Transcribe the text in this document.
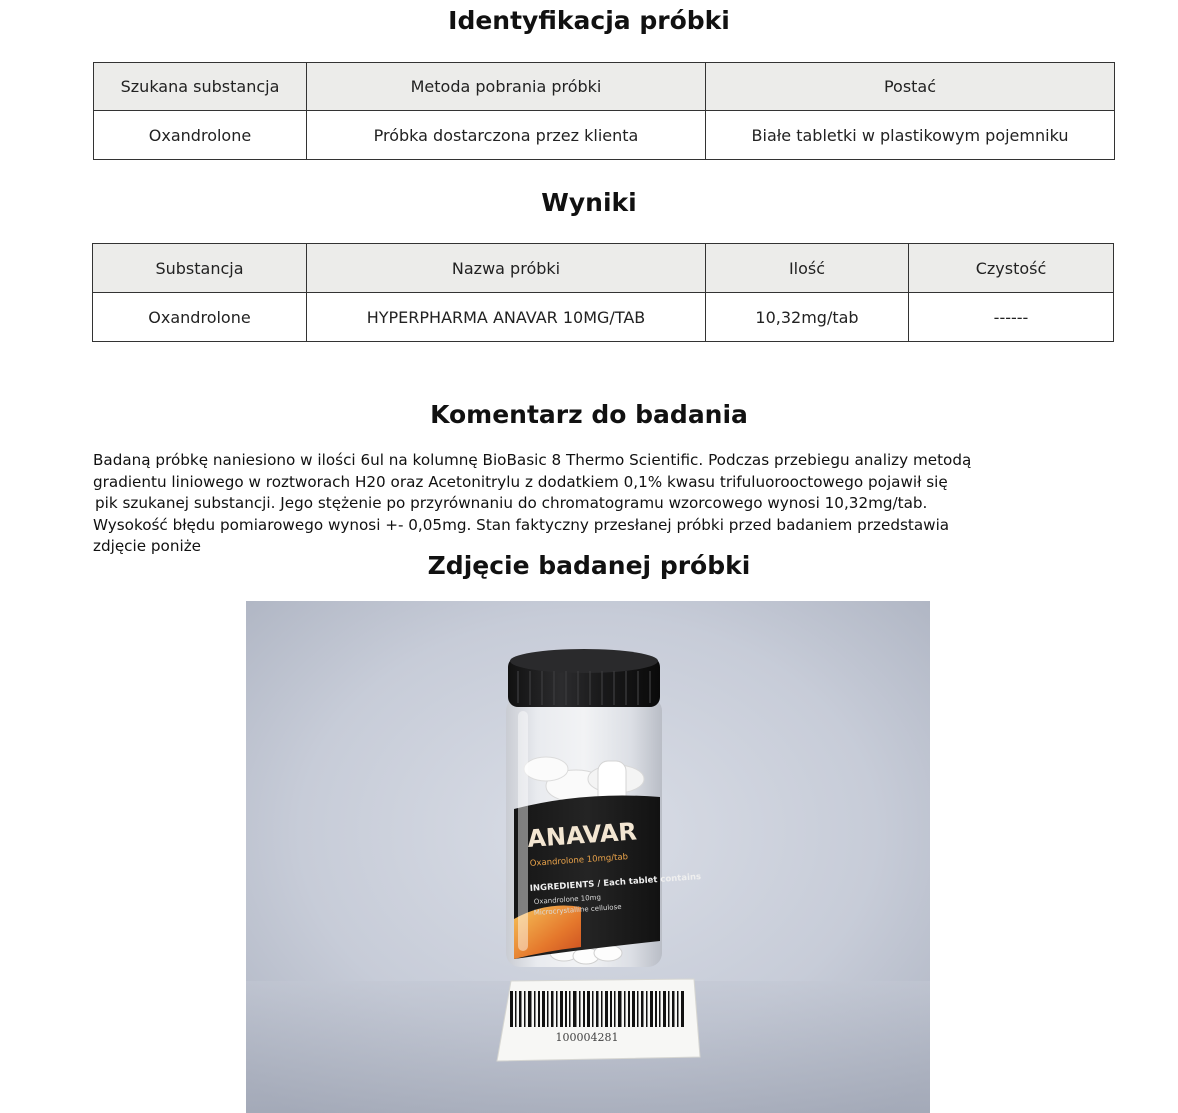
Identyfikacja próbki
Szukana substancja	Metoda pobrania próbki	Postać
Oxandrolone	Próbka dostarczona przez klienta	Białe tabletki w plastikowym pojemniku
Wyniki
Substancja	Nazwa próbki	Ilość	Czystość
Oxandrolone	HYPERPHARMA ANAVAR 10MG/TAB	10,32mg/tab	------
Komentarz do badania
Badaną próbkę naniesiono w ilości 6ul na kolumnę BioBasic 8 Thermo Scientific. Podczas przebiegu analizy metodą
gradientu liniowego w roztworach H20 oraz Acetonitrylu z dodatkiem 0,1% kwasu trifuluorooctowego pojawił się
pik szukanej substancji. Jego stężenie po przyrównaniu do chromatogramu wzorcowego wynosi 10,32mg/tab.
Wysokość błędu pomiarowego wynosi +- 0,05mg. Stan faktyczny przesłanej próbki przed badaniem przedstawia
zdjęcie poniże
Zdjęcie badanej próbki
ANAVAR
Oxandrolone 10mg/tab
INGREDIENTS / Each tablet contains
Oxandrolone 10mg
Microcrystalline cellulose
100004281
